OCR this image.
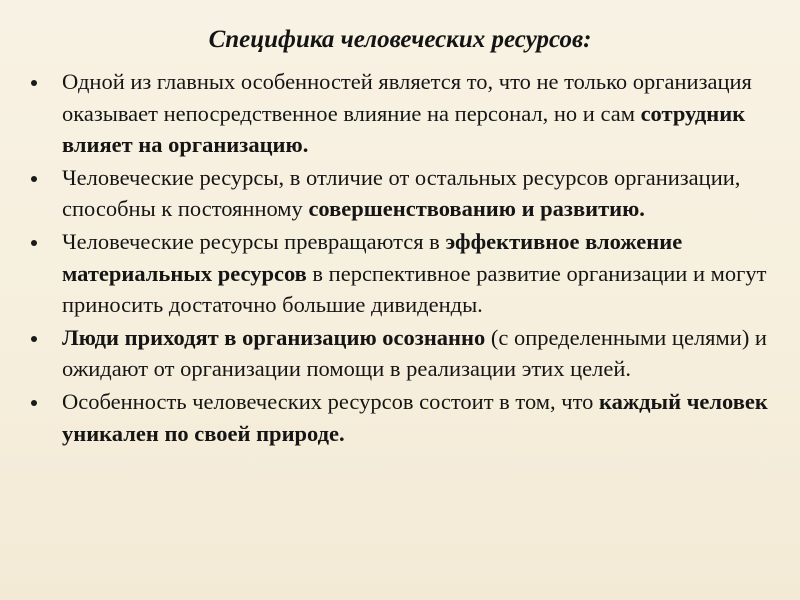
Специфика человеческих ресурсов:
Одной из главных особенностей является то, что не только организация оказывает непосредственное влияние на персонал, но и сам сотрудник влияет на организацию.
Человеческие ресурсы, в отличие от остальных ресурсов организации, способны к постоянному совершенствованию и развитию.
Человеческие ресурсы превращаются в эффективное вложение материальных ресурсов в перспективное развитие организации и могут приносить достаточно большие дивиденды.
Люди приходят в организацию осознанно (с определенными целями) и ожидают от организации помощи в реализации этих целей.
Особенность человеческих ресурсов состоит в том, что каждый человек уникален по своей природе.
